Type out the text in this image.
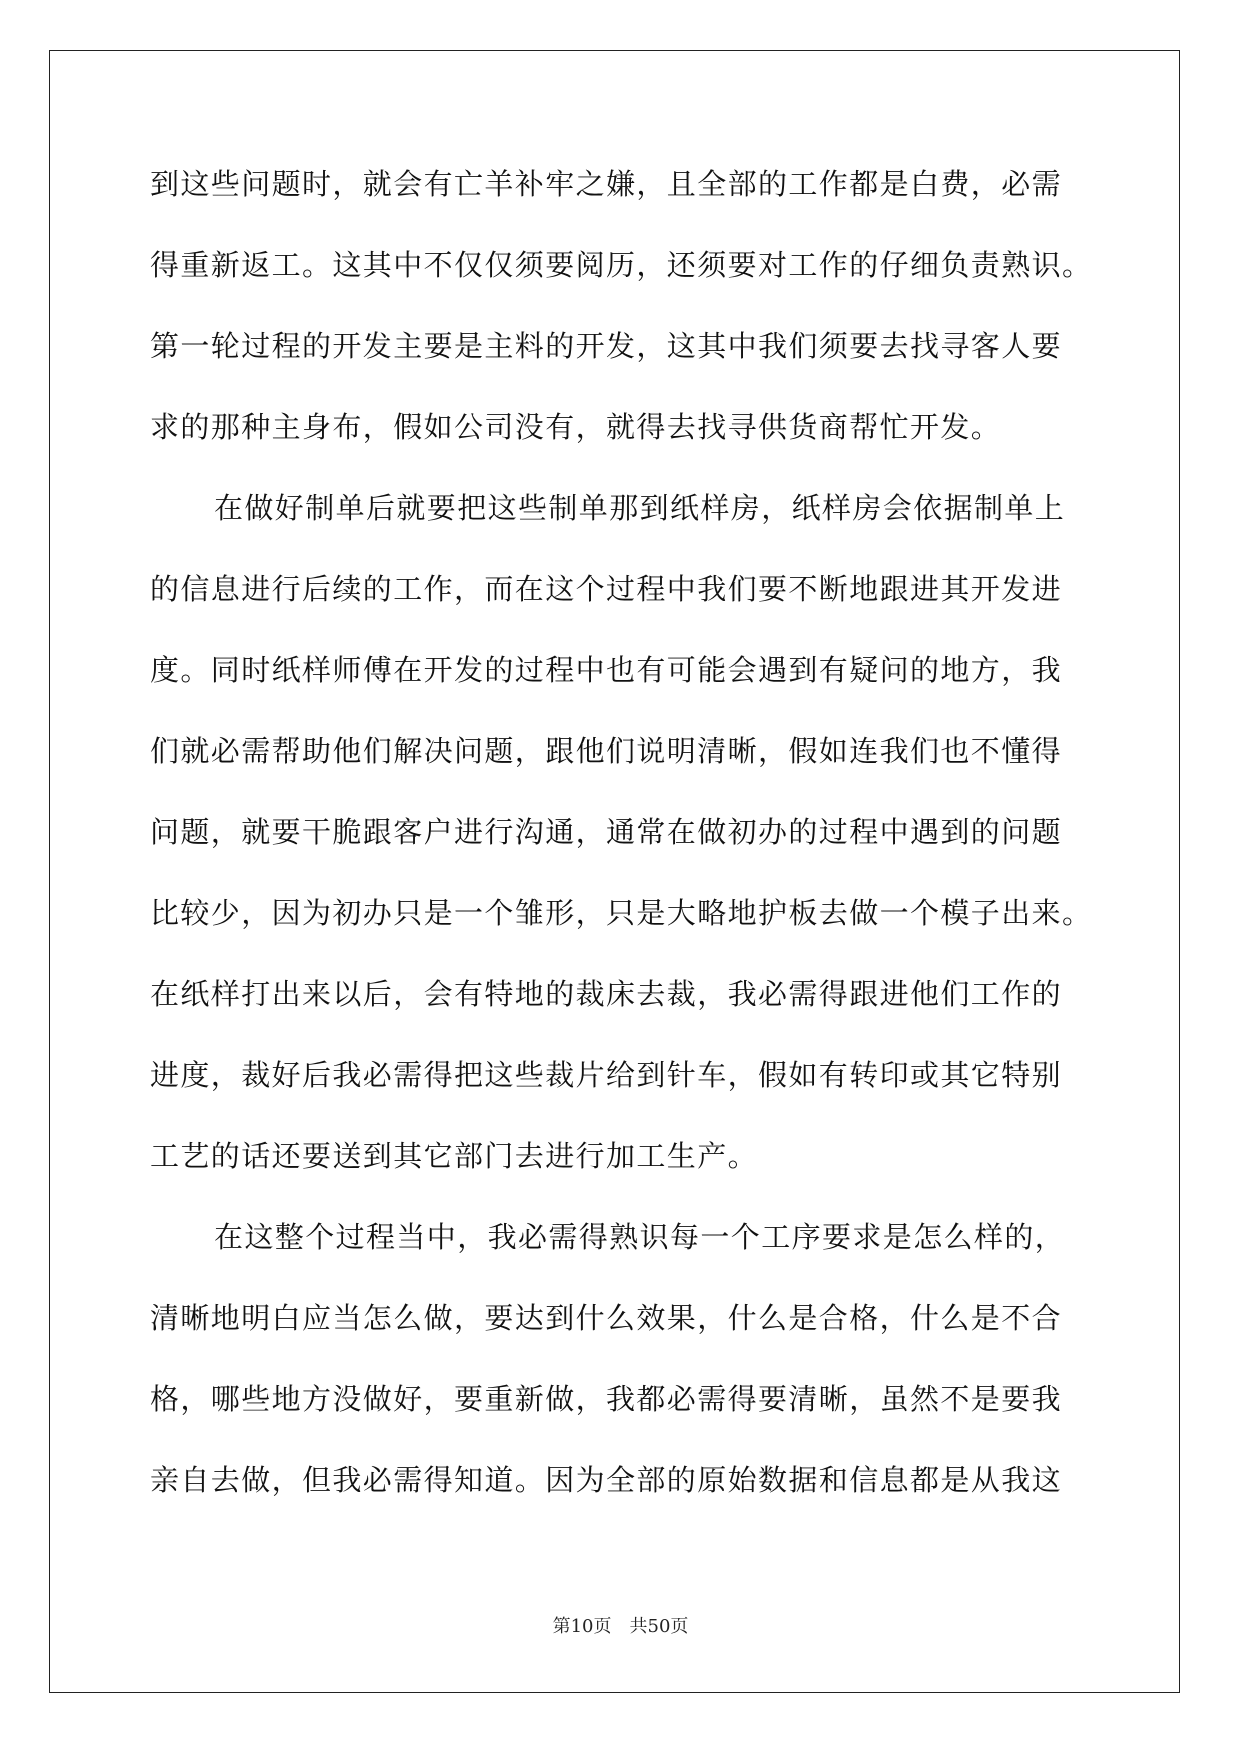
到这些问题时，就会有亡羊补牢之嫌，且全部的工作都是白费，必需
得重新返工。这其中不仅仅须要阅历，还须要对工作的仔细负责熟识。
第一轮过程的开发主要是主料的开发，这其中我们须要去找寻客人要
求的那种主身布，假如公司没有，就得去找寻供货商帮忙开发。
在做好制单后就要把这些制单那到纸样房，纸样房会依据制单上
的信息进行后续的工作，而在这个过程中我们要不断地跟进其开发进
度。同时纸样师傅在开发的过程中也有可能会遇到有疑问的地方，我
们就必需帮助他们解决问题，跟他们说明清晰，假如连我们也不懂得
问题，就要干脆跟客户进行沟通，通常在做初办的过程中遇到的问题
比较少，因为初办只是一个雏形，只是大略地护板去做一个模子出来。
在纸样打出来以后，会有特地的裁床去裁，我必需得跟进他们工作的
进度，裁好后我必需得把这些裁片给到针车，假如有转印或其它特别
工艺的话还要送到其它部门去进行加工生产。
在这整个过程当中，我必需得熟识每一个工序要求是怎么样的，
清晰地明白应当怎么做，要达到什么效果，什么是合格，什么是不合
格，哪些地方没做好，要重新做，我都必需得要清晰，虽然不是要我
亲自去做，但我必需得知道。因为全部的原始数据和信息都是从我这
第10页 共50页
